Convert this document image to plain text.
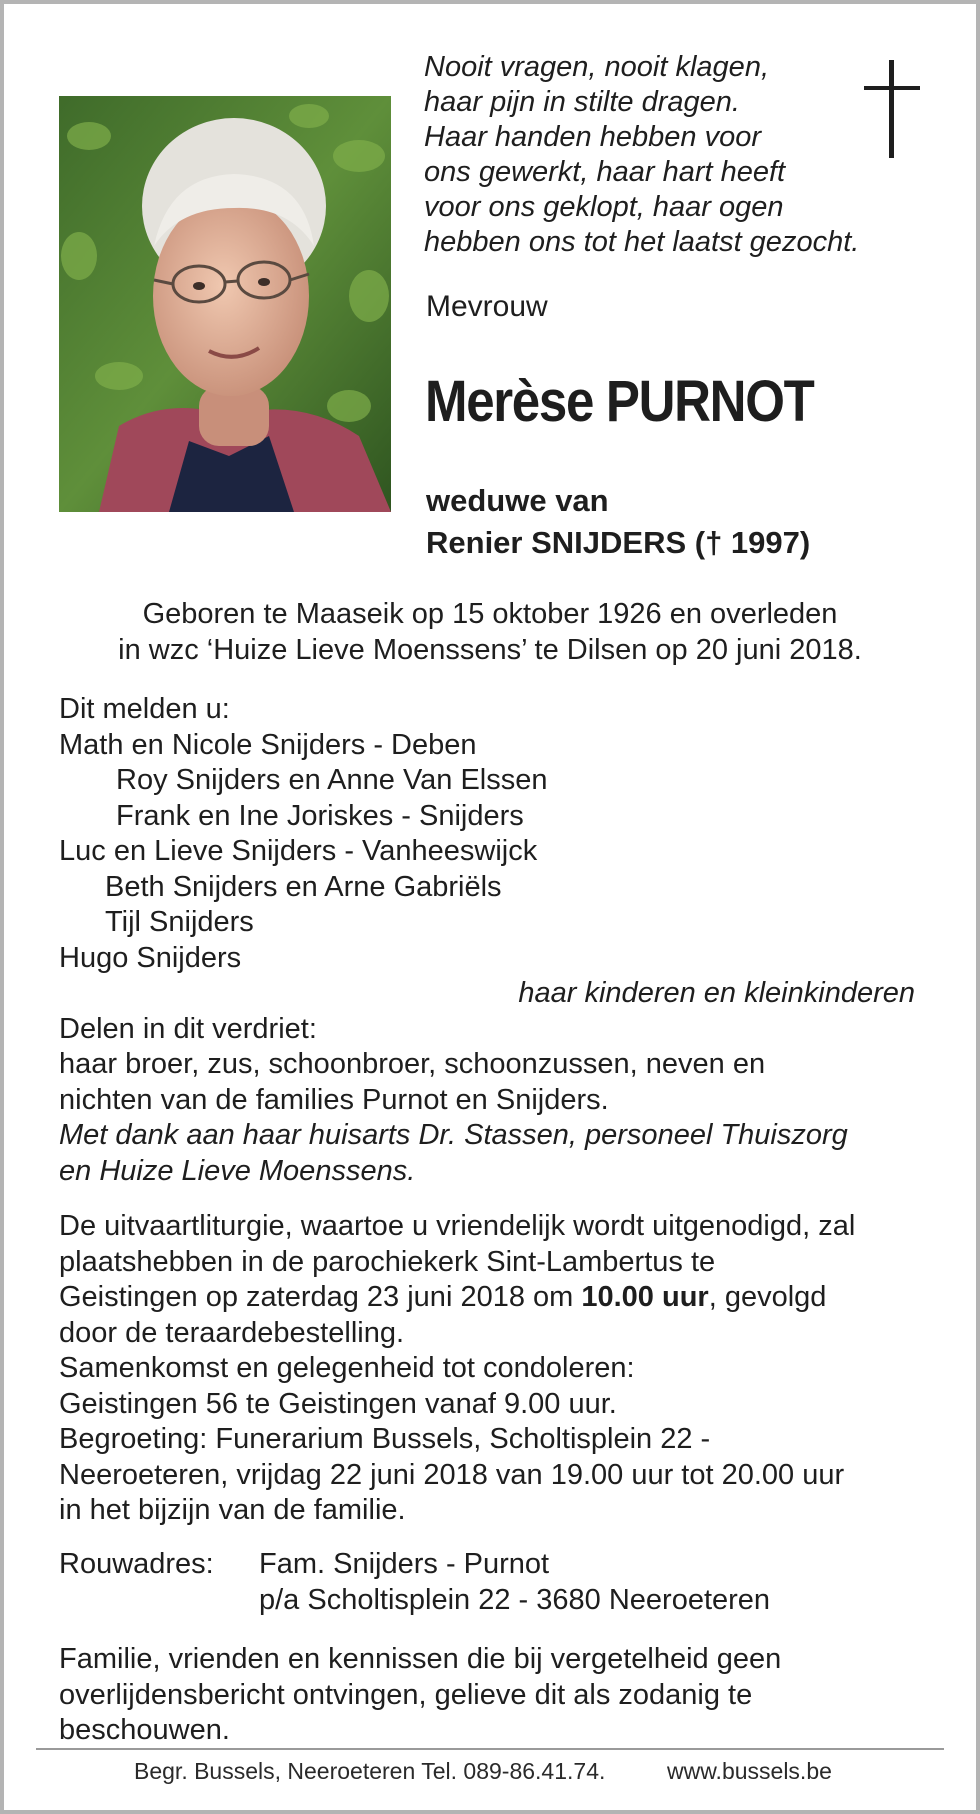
Nooit vragen, nooit klagen,
haar pijn in stilte dragen.
Haar handen hebben voor
ons gewerkt, haar hart heeft
voor ons geklopt, haar ogen
hebben ons tot het laatst gezocht.
Mevrouw
Merèse PURNOT
weduwe van
Renier SNIJDERS († 1997)
Geboren te Maaseik op 15 oktober 1926 en overleden
in wzc ‘Huize Lieve Moenssens’ te Dilsen op 20 juni 2018.
Dit melden u:
Math en Nicole Snijders - Deben
Roy Snijders en Anne Van Elssen
Frank en Ine Joriskes - Snijders
Luc en Lieve Snijders - Vanheeswijck
Beth Snijders en Arne Gabriëls
Tijl Snijders
Hugo Snijders
haar kinderen en kleinkinderen
Delen in dit verdriet:
haar broer, zus, schoonbroer, schoonzussen, neven en
nichten van de families Purnot en Snijders.
Met dank aan haar huisarts Dr. Stassen, personeel Thuiszorg
en Huize Lieve Moenssens.
De uitvaartliturgie, waartoe u vriendelijk wordt uitgenodigd, zal
plaatshebben in de parochiekerk Sint-Lambertus te
Geistingen op zaterdag 23 juni 2018 om 10.00 uur, gevolgd
door de teraardebestelling.
Samenkomst en gelegenheid tot condoleren:
Geistingen 56 te Geistingen vanaf 9.00 uur.
Begroeting: Funerarium Bussels, Scholtisplein 22 -
Neeroeteren, vrijdag 22 juni 2018 van 19.00 uur tot 20.00 uur
in het bijzijn van de familie.
Rouwadres: Fam. Snijders - Purnot
p/a Scholtisplein 22 - 3680 Neeroeteren
Familie, vrienden en kennissen die bij vergetelheid geen
overlijdensbericht ontvingen, gelieve dit als zodanig te
beschouwen.
Begr. Bussels, Neeroeteren Tel. 089-86.41.74.	www.bussels.be
